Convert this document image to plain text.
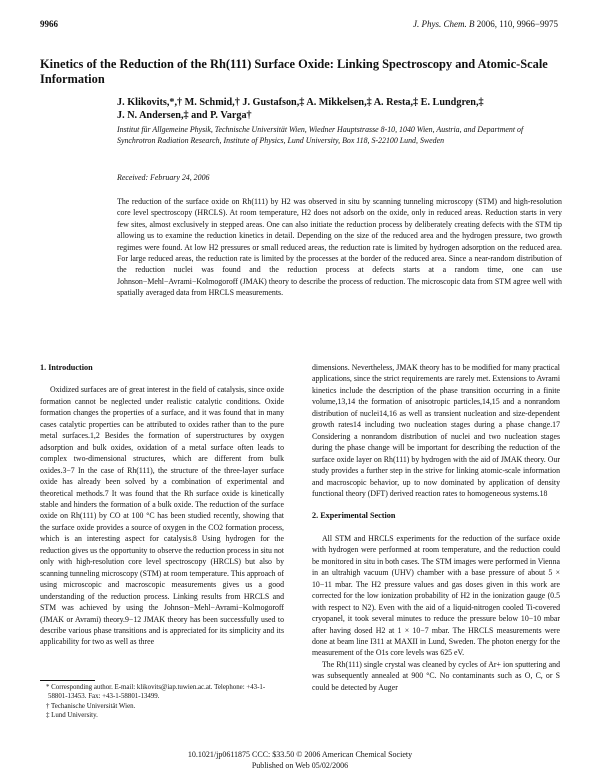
9966	J. Phys. Chem. B 2006, 110, 9966−9975
Kinetics of the Reduction of the Rh(111) Surface Oxide: Linking Spectroscopy and Atomic-Scale Information
J. Klikovits,*,† M. Schmid,† J. Gustafson,‡ A. Mikkelsen,‡ A. Resta,‡ E. Lundgren,‡
J. N. Andersen,‡ and P. Varga†
Institut für Allgemeine Physik, Technische Universität Wien, Wiedner Hauptstrasse 8-10, 1040 Wien, Austria, and Department of Synchrotron Radiation Research, Institute of Physics, Lund University, Box 118, S-22100 Lund, Sweden
Received: February 24, 2006
The reduction of the surface oxide on Rh(111) by H2 was observed in situ by scanning tunneling microscopy (STM) and high-resolution core level spectroscopy (HRCLS). At room temperature, H2 does not adsorb on the oxide, only in reduced areas. Reduction starts in very few sites, almost exclusively in stepped areas. One can also initiate the reduction process by deliberately creating defects with the STM tip allowing us to examine the reduction kinetics in detail. Depending on the size of the reduced area and the hydrogen pressure, two growth regimes were found. At low H2 pressures or small reduced areas, the reduction rate is limited by hydrogen adsorption on the reduced area. For large reduced areas, the reduction rate is limited by the processes at the border of the reduced area. Since a near-random distribution of the reduction nuclei was found and the reduction process at defects starts at a random time, one can use Johnson−Mehl−Avrami−Kolmogoroff (JMAK) theory to describe the process of reduction. The microscopic data from STM agree well with spatially averaged data from HRCLS measurements.
1. Introduction

Oxidized surfaces are of great interest in the field of catalysis, since oxide formation cannot be neglected under realistic catalytic conditions. Oxide formation changes the properties of a surface, and it was found that in many cases catalytic properties can be attributed to oxides rather than to the pure metal surfaces.1,2 Besides the formation of superstructures by oxygen adsorption and bulk oxides, oxidation of a metal surface often leads to complex two-dimensional structures, which are different from bulk oxides.3−7 In the case of Rh(111), the structure of the three-layer surface oxide has already been solved by a combination of experimental and theoretical methods.7 It was found that the Rh surface oxide is kinetically stable and hinders the formation of a bulk oxide. The reduction of the surface oxide on Rh(111) by CO at 100 °C has been studied recently, showing that the surface oxide provides a source of oxygen in the CO2 formation process, which is an interesting aspect for catalysis.8 Using hydrogen for the reduction gives us the opportunity to observe the reduction process in situ not only with high-resolution core level spectroscopy (HRCLS) but also by scanning tunneling microscopy (STM) at room temperature. This approach of using microscopic and macroscopic measurements gives us a good understanding of the reduction process. Linking results from HRCLS and STM was achieved by using the Johnson−Mehl−Avrami−Kolmogoroff (JMAK or Avrami) theory.9−12 JMAK theory has been successfully used to describe various phase transitions and is appreciated for its simplicity and its applicability for two as well as three

dimensions. Nevertheless, JMAK theory has to be modified for many practical applications, since the strict requirements are rarely met. Extensions to Avrami kinetics include the description of the phase transition occurring in a finite volume,13,14 the formation of anisotropic particles,14,15 and a nonrandom distribution of nuclei14,16 as well as transient nucleation and size-dependent growth rates14 including two nucleation stages during a phase change.17 Considering a nonrandom distribution of nuclei and two nucleation stages during the phase change will be important for describing the reduction of the surface oxide layer on Rh(111) by hydrogen with the aid of JMAK theory. Our study provides a further step in the strive for linking atomic-scale information and macroscopic behavior, up to now dominated by application of density functional theory (DFT) derived reaction rates to homogeneous systems.18

2. Experimental Section

All STM and HRCLS experiments for the reduction of the surface oxide with hydrogen were performed at room temperature, and the reduction could be monitored in situ in both cases. The STM images were performed in Vienna in an ultrahigh vacuum (UHV) chamber with a base pressure of about 5 × 10−11 mbar. The H2 pressure values and gas doses given in this work are corrected for the low ionization probability of H2 in the ionization gauge (0.5 with respect to N2). Even with the aid of a liquid-nitrogen cooled Ti-covered cryopanel, it took several minutes to reduce the pressure below 10−10 mbar after having dosed H2 at 1 × 10−7 mbar. The HRCLS measurements were done at beam line I311 at MAXII in Lund, Sweden. The photon energy for the measurement of the O1s core levels was 625 eV.

The Rh(111) single crystal was cleaned by cycles of Ar+ ion sputtering and was subsequently annealed at 900 °C. No contaminants such as O, C, or S could be detected by Auger

* Corresponding author. E-mail: klikovits@iap.tuwien.ac.at. Telephone: +43-1-58801-13453. Fax: +43-1-58801-13499.

† Techanische Universität Wien.

‡ Lund University.

10.1021/jp0611875 CCC: $33.50 © 2006 American Chemical Society
Published on Web 05/02/2006
